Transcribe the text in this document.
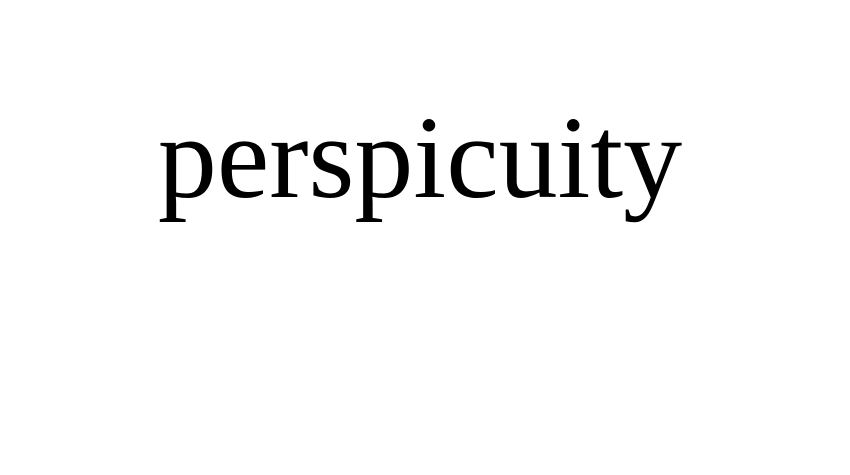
perspicuity
